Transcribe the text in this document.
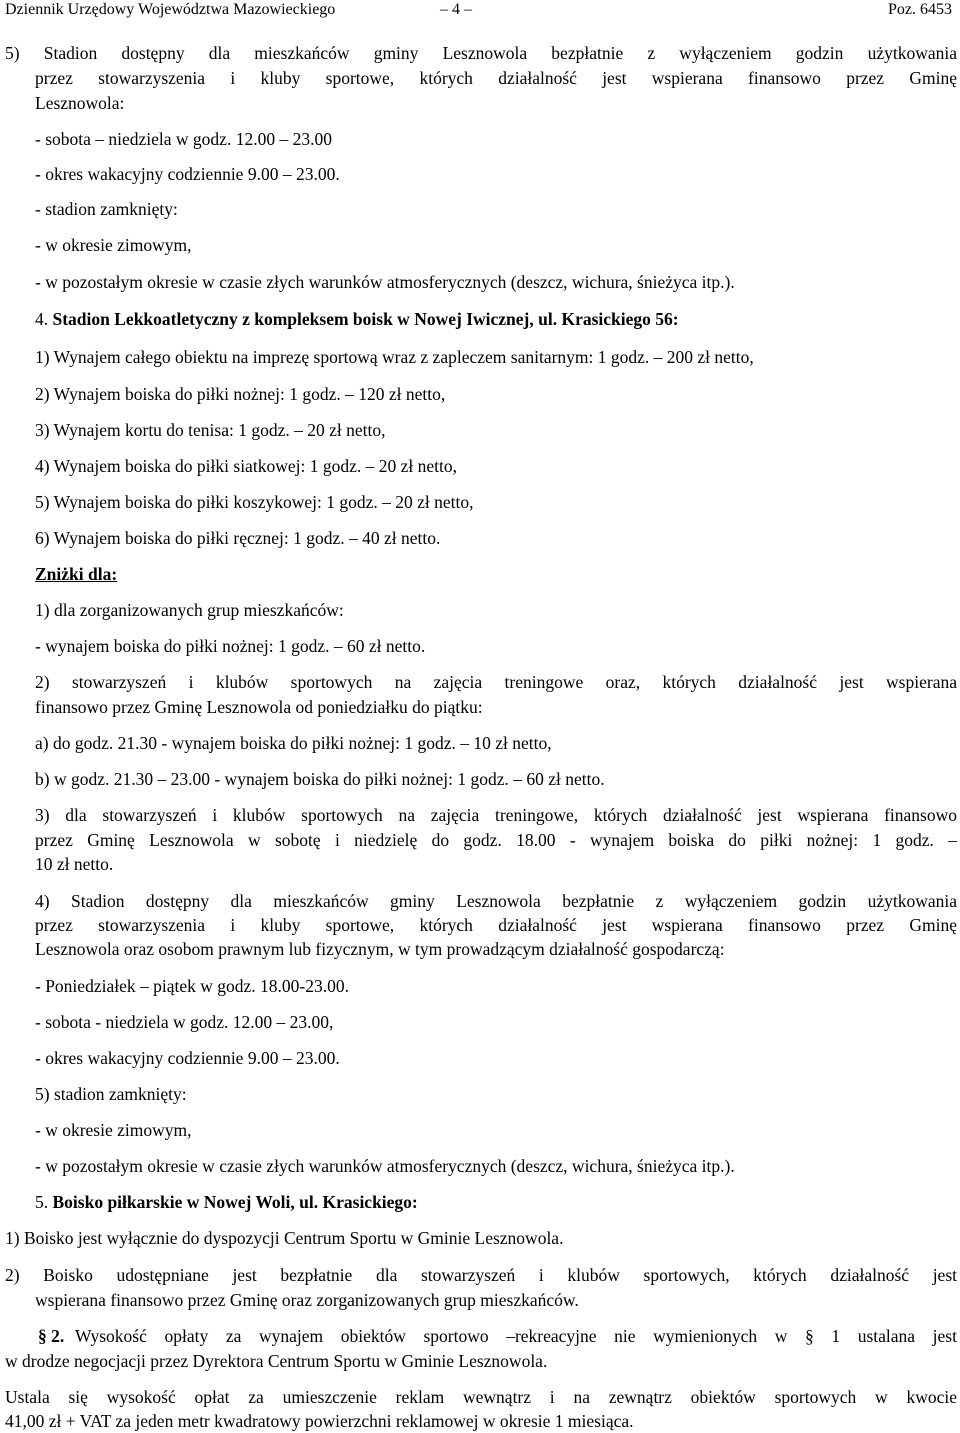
Dziennik Urzędowy Województwa Mazowieckiego	– 4 –	Poz. 6453
5) Stadion dostępny dla mieszkańców gminy Lesznowola bezpłatnie z wyłączeniem godzin użytkowania
przez stowarzyszenia i kluby sportowe, których działalność jest wspierana finansowo przez Gminę
Lesznowola:
- sobota – niedziela w godz. 12.00 – 23.00
- okres wakacyjny codziennie 9.00 – 23.00.
- stadion zamknięty:
- w okresie zimowym,
- w pozostałym okresie w czasie złych warunków atmosferycznych (deszcz, wichura, śnieżyca itp.).
4. Stadion Lekkoatletyczny z kompleksem boisk w Nowej Iwicznej, ul. Krasickiego 56:
1) Wynajem całego obiektu na imprezę sportową wraz z zapleczem sanitarnym: 1 godz. – 200 zł netto,
2) Wynajem boiska do piłki nożnej: 1 godz. – 120 zł netto,
3) Wynajem kortu do tenisa: 1 godz. – 20 zł netto,
4) Wynajem boiska do piłki siatkowej: 1 godz. – 20 zł netto,
5) Wynajem boiska do piłki koszykowej: 1 godz. – 20 zł netto,
6) Wynajem boiska do piłki ręcznej: 1 godz. – 40 zł netto.
Zniżki dla:
1) dla zorganizowanych grup mieszkańców:
- wynajem boiska do piłki nożnej: 1 godz. – 60 zł netto.
2) stowarzyszeń i klubów sportowych na zajęcia treningowe oraz, których działalność jest wspierana
finansowo przez Gminę Lesznowola od poniedziałku do piątku:
a) do godz. 21.30 - wynajem boiska do piłki nożnej: 1 godz. – 10 zł netto,
b) w godz. 21.30 – 23.00 - wynajem boiska do piłki nożnej: 1 godz. – 60 zł netto.
3) dla stowarzyszeń i klubów sportowych na zajęcia treningowe, których działalność jest wspierana finansowo
przez Gminę Lesznowola w sobotę i niedzielę do godz. 18.00 - wynajem boiska do piłki nożnej: 1 godz. –
10 zł netto.
4) Stadion dostępny dla mieszkańców gminy Lesznowola bezpłatnie z wyłączeniem godzin użytkowania
przez stowarzyszenia i kluby sportowe, których działalność jest wspierana finansowo przez Gminę
Lesznowola oraz osobom prawnym lub fizycznym, w tym prowadzącym działalność gospodarczą:
- Poniedziałek – piątek w godz. 18.00-23.00.
- sobota - niedziela w godz. 12.00 – 23.00,
- okres wakacyjny codziennie 9.00 – 23.00.
5) stadion zamknięty:
- w okresie zimowym,
- w pozostałym okresie w czasie złych warunków atmosferycznych (deszcz, wichura, śnieżyca itp.).
5. Boisko piłkarskie w Nowej Woli, ul. Krasickiego:
1) Boisko jest wyłącznie do dyspozycji Centrum Sportu w Gminie Lesznowola.
2) Boisko udostępniane jest bezpłatnie dla stowarzyszeń i klubów sportowych, których działalność jest
wspierana finansowo przez Gminę oraz zorganizowanych grup mieszkańców.
§ 2. Wysokość opłaty za wynajem obiektów sportowo –rekreacyjne nie wymienionych w § 1 ustalana jest
w drodze negocjacji przez Dyrektora Centrum Sportu w Gminie Lesznowola.
Ustala się wysokość opłat za umieszczenie reklam wewnątrz i na zewnątrz obiektów sportowych w kwocie
41,00 zł + VAT za jeden metr kwadratowy powierzchni reklamowej w okresie 1 miesiąca.
